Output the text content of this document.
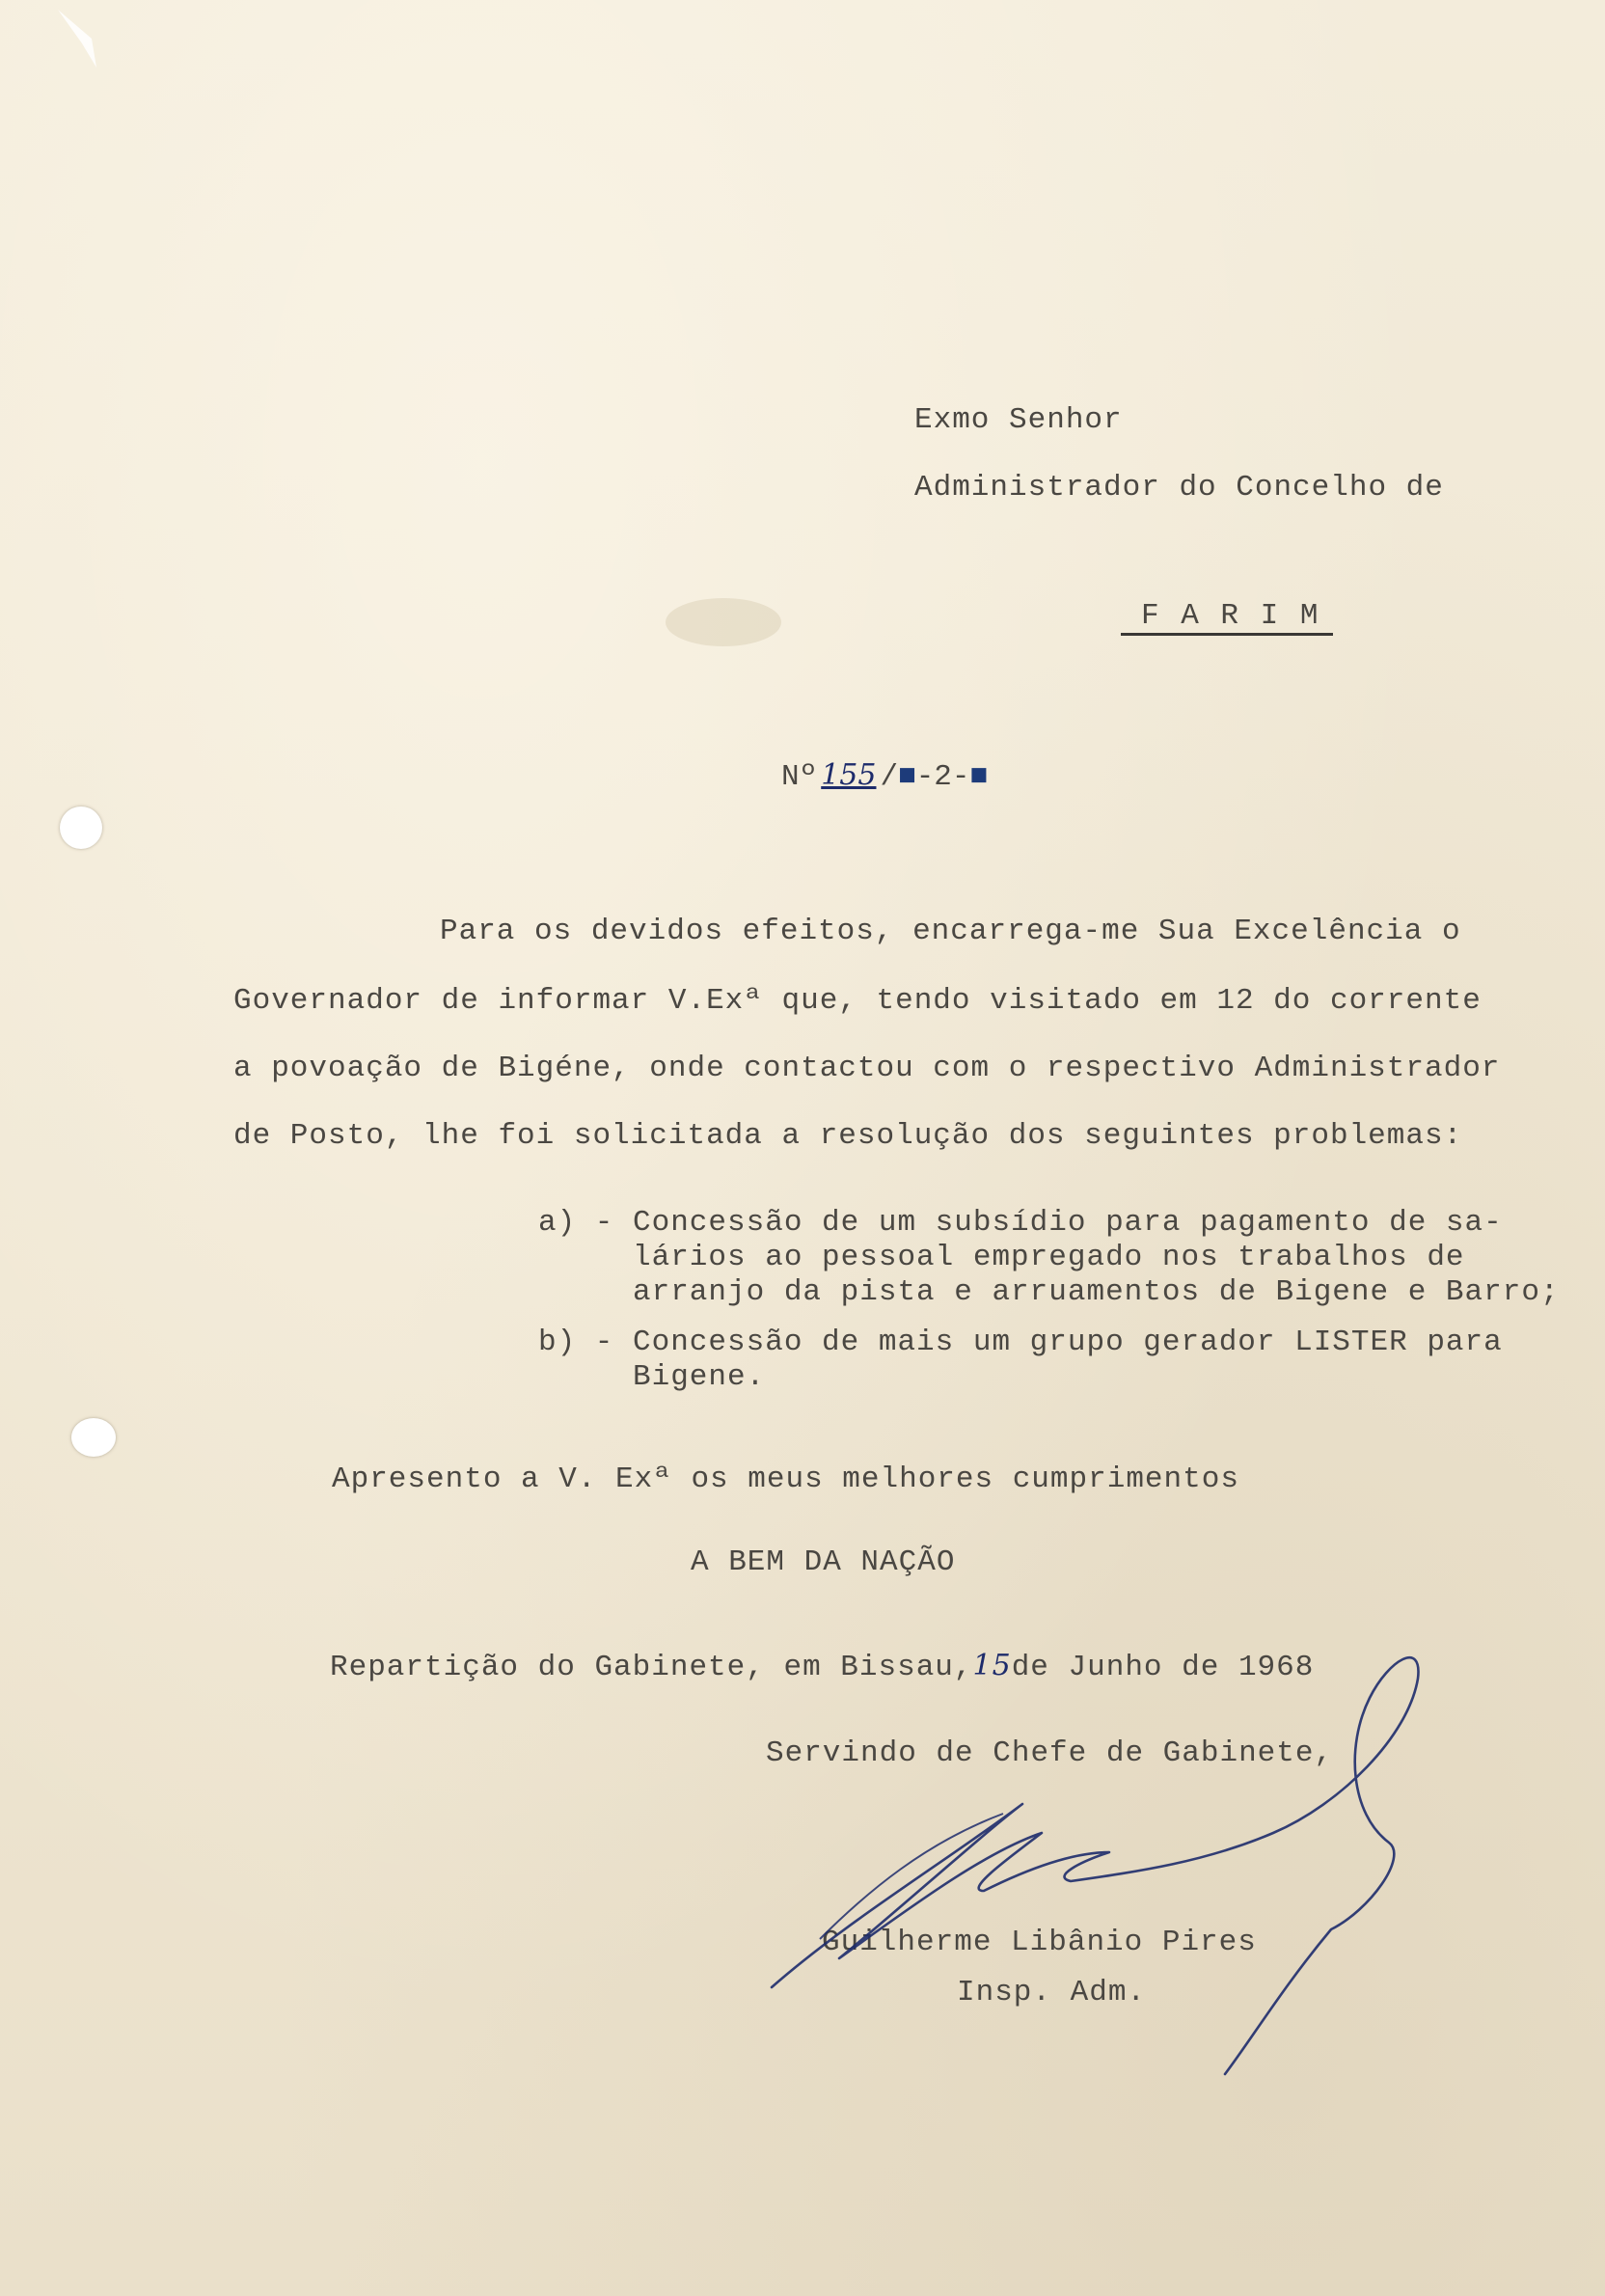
Exmo Senhor
Administrador do Concelho de
F A R I M
Nº 155 /■-2-■
Para os devidos efeitos, encarrega-me Sua Excelência o
Governador de informar V.Exª que, tendo visitado em 12 do corrente
a povoação de Bigéne, onde contactou com o respectivo Administrador
de Posto, lhe foi solicitada a resolução dos seguintes problemas:
a) - Concessão de um subsídio para pagamento de sa-
lários ao pessoal empregado nos trabalhos de
arranjo da pista e arruamentos de Bigene e Barro;
b) - Concessão de mais um grupo gerador LISTER para
Bigene.
Apresento a V. Exª os meus melhores cumprimentos
A BEM DA NAÇÃO
Repartição do Gabinete, em Bissau,15de Junho de 1968
Servindo de Chefe de Gabinete,
Guilherme Libânio Pires
Insp. Adm.
